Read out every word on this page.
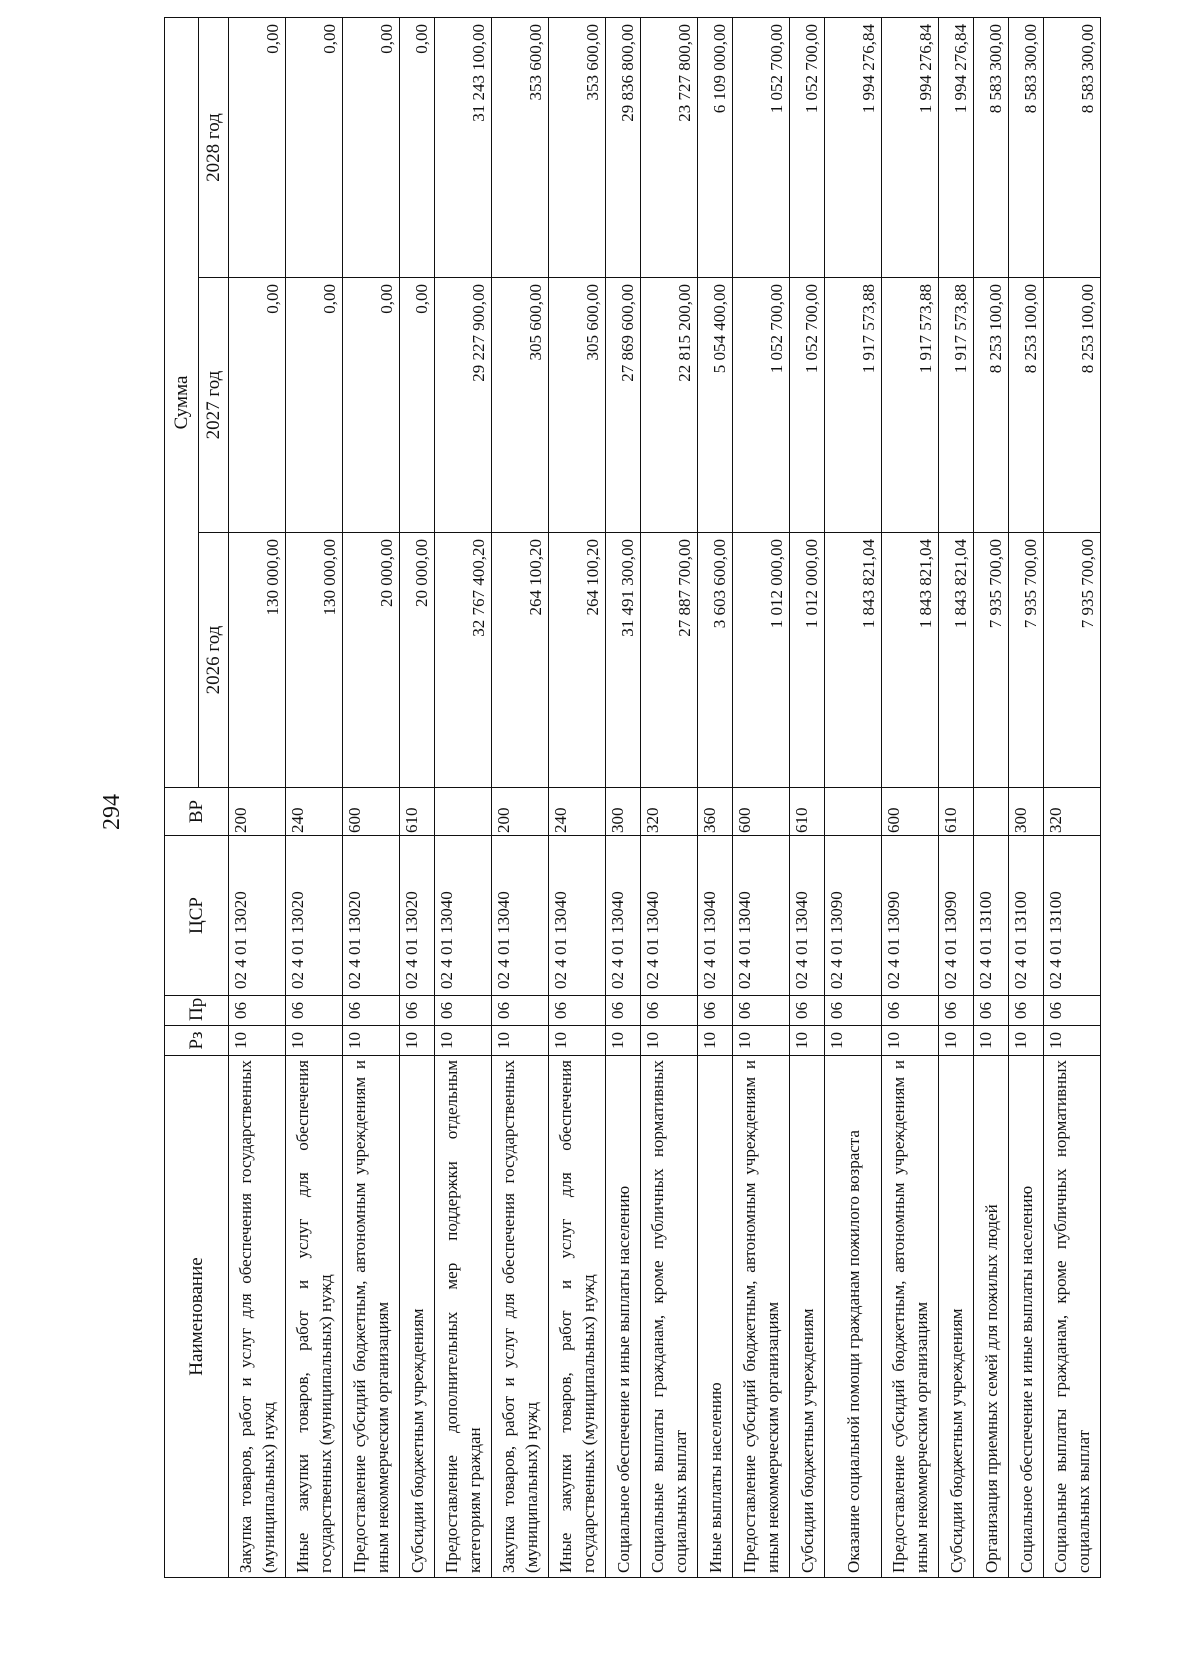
294
Наименование	Рз	Пр	ЦСР	ВР	Сумма		
					2026 год	2027 год	2028 год
Закупка товаров, работ и услуг для обеспечения государственных (муниципальных) нужд	10	06	02 4 01 13020	200	130 000,00	0,00	0,00
Иные закупки товаров, работ и услуг для обеспечения государственных (муниципальных) нужд	10	06	02 4 01 13020	240	130 000,00	0,00	0,00
Предоставление субсидий бюджетным, автономным учреждениям и иным некоммерческим организациям	10	06	02 4 01 13020	600	20 000,00	0,00	0,00
Субсидии бюджетным учреждениям	10	06	02 4 01 13020	610	20 000,00	0,00	0,00
Предоставление дополнительных мер поддержки отдельным категориям граждан	10	06	02 4 01 13040		32 767 400,20	29 227 900,00	31 243 100,00
Закупка товаров, работ и услуг для обеспечения государственных (муниципальных) нужд	10	06	02 4 01 13040	200	264 100,20	305 600,00	353 600,00
Иные закупки товаров, работ и услуг для обеспечения государственных (муниципальных) нужд	10	06	02 4 01 13040	240	264 100,20	305 600,00	353 600,00
Социальное обеспечение и иные выплаты населению	10	06	02 4 01 13040	300	31 491 300,00	27 869 600,00	29 836 800,00
Социальные выплаты гражданам, кроме публичных нормативных социальных выплат	10	06	02 4 01 13040	320	27 887 700,00	22 815 200,00	23 727 800,00
Иные выплаты населению	10	06	02 4 01 13040	360	3 603 600,00	5 054 400,00	6 109 000,00
Предоставление субсидий бюджетным, автономным учреждениям и иным некоммерческим организациям	10	06	02 4 01 13040	600	1 012 000,00	1 052 700,00	1 052 700,00
Субсидии бюджетным учреждениям	10	06	02 4 01 13040	610	1 012 000,00	1 052 700,00	1 052 700,00
Оказание социальной помощи гражданам пожилого возраста	10	06	02 4 01 13090		1 843 821,04	1 917 573,88	1 994 276,84
Предоставление субсидий бюджетным, автономным учреждениям и иным некоммерческим организациям	10	06	02 4 01 13090	600	1 843 821,04	1 917 573,88	1 994 276,84
Субсидии бюджетным учреждениям	10	06	02 4 01 13090	610	1 843 821,04	1 917 573,88	1 994 276,84
Организация приемных семей для пожилых людей	10	06	02 4 01 13100		7 935 700,00	8 253 100,00	8 583 300,00
Социальное обеспечение и иные выплаты населению	10	06	02 4 01 13100	300	7 935 700,00	8 253 100,00	8 583 300,00
Социальные выплаты гражданам, кроме публичных нормативных социальных выплат	10	06	02 4 01 13100	320	7 935 700,00	8 253 100,00	8 583 300,00
